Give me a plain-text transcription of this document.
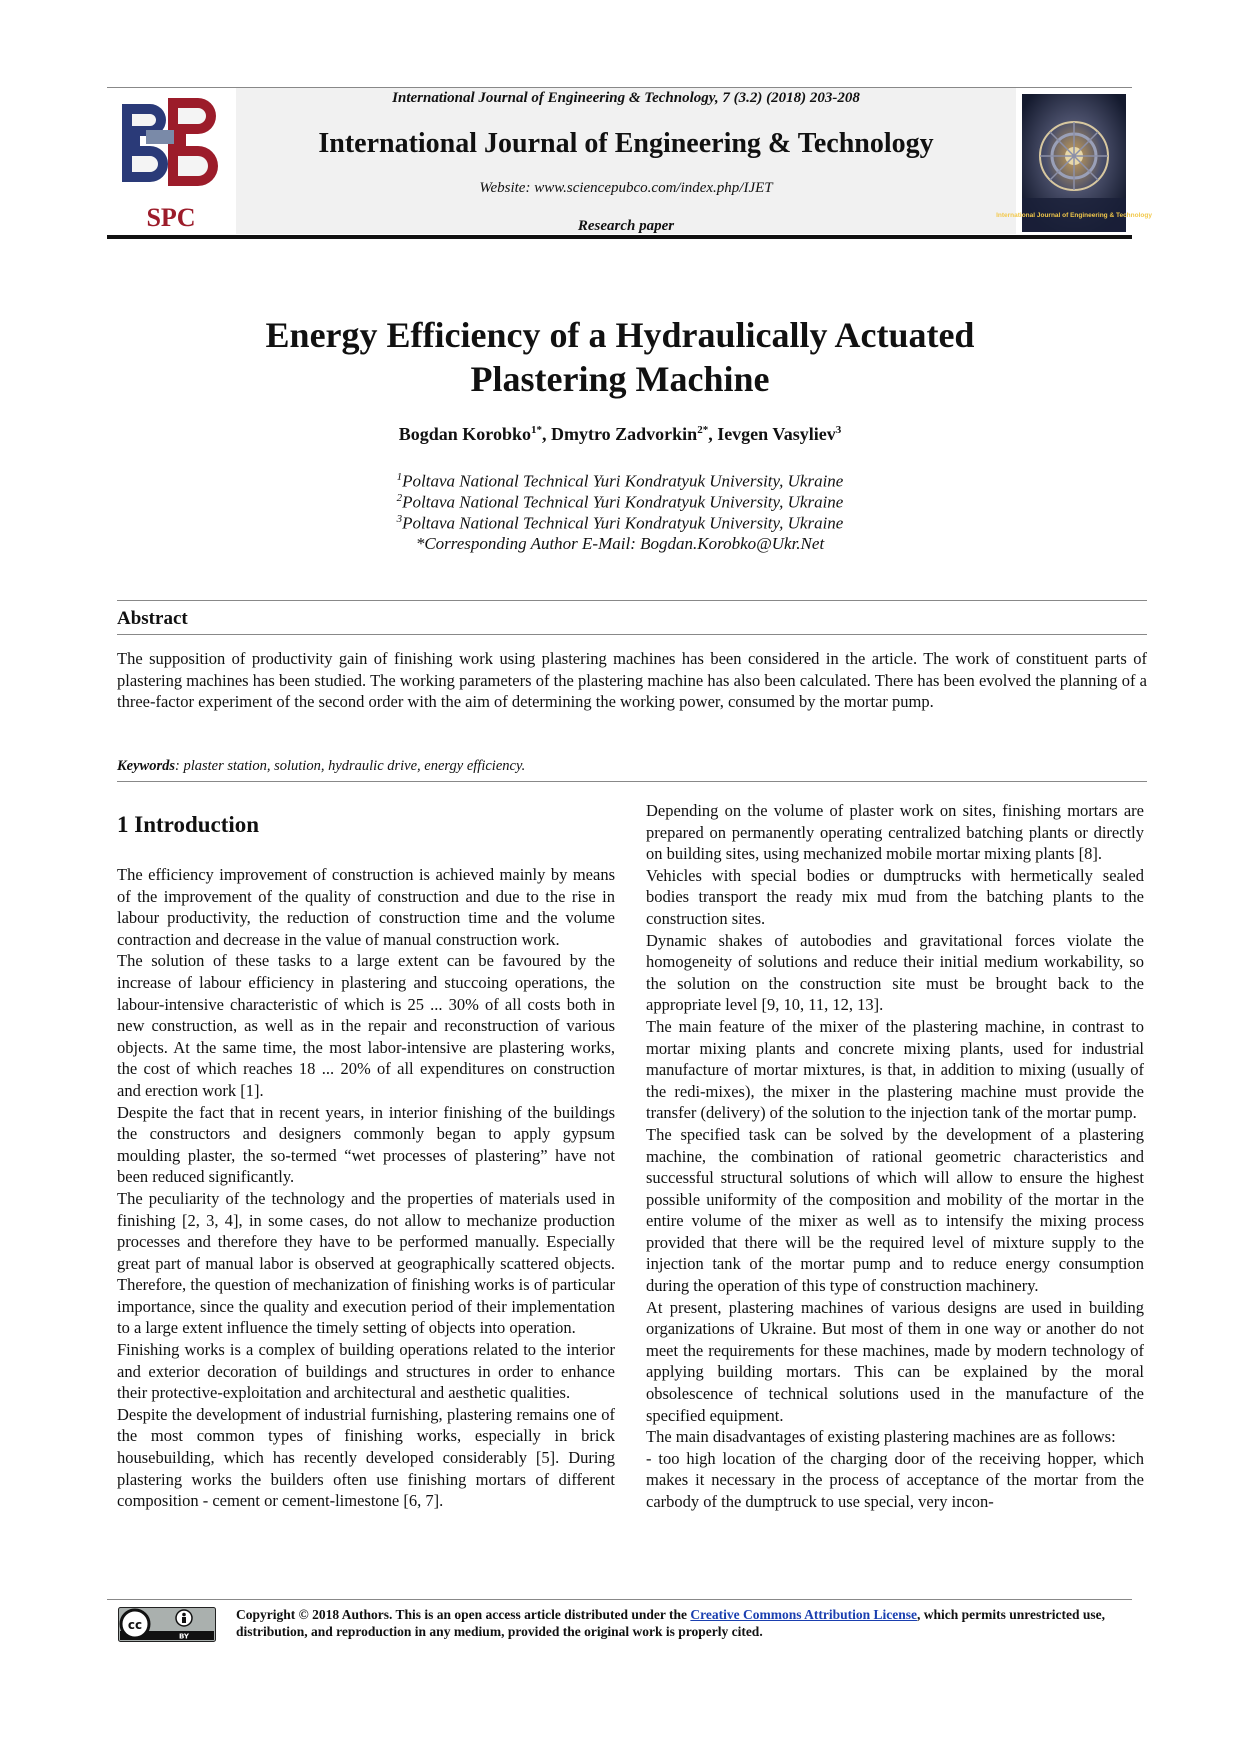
SPC
International Journal of Engineering & Technology, 7 (3.2) (2018) 203-208
International Journal of Engineering & Technology
Website: www.sciencepubco.com/index.php/IJET
Research paper
International Journal of Engineering & Technology
Energy Efficiency of a Hydraulically Actuated
Plastering Machine
Bogdan Korobko$^{1*}$, Dmytro Zadvorkin$^{2*}$, Ievgen Vasyliev$^3$
$^1$Poltava National Technical Yuri Kondratyuk University, Ukraine
$^2$Poltava National Technical Yuri Kondratyuk University, Ukraine
$^3$Poltava National Technical Yuri Kondratyuk University, Ukraine
*Corresponding Author E-Mail: Bogdan.Korobko@Ukr.Net
Abstract
The supposition of productivity gain of finishing work using plastering machines has been considered in the article. The work of constituent parts of plastering machines has been studied. The working parameters of the plastering machine has also been calculated. There has been evolved the planning of a three-factor experiment of the second order with the aim of determining the working power, consumed by the mortar pump.
Keywords: plaster station, solution, hydraulic drive, energy efficiency.
1 Introduction

The efficiency improvement of construction is achieved mainly by means of the improvement of the quality of construction and due to the rise in labour productivity, the reduction of construction time and the volume contraction and decrease in the value of manual construction work.

The solution of these tasks to a large extent can be favoured by the increase of labour efficiency in plastering and stuccoing operations, the labour-intensive characteristic of which is 25 ... 30% of all costs both in new construction, as well as in the repair and reconstruction of various objects. At the same time, the most labor-intensive are plastering works, the cost of which reaches 18 ... 20% of all expenditures on construction and erection work [1].

Despite the fact that in recent years, in interior finishing of the buildings the constructors and designers commonly began to apply gypsum moulding plaster, the so-termed “wet processes of plastering” have not been reduced significantly.

The peculiarity of the technology and the properties of materials used in finishing [2, 3, 4], in some cases, do not allow to mechanize production processes and therefore they have to be performed manually. Especially great part of manual labor is observed at geographically scattered objects. Therefore, the question of mechanization of finishing works is of particular importance, since the quality and execution period of their implementation to a large extent influence the timely setting of objects into operation.

Finishing works is a complex of building operations related to the interior and exterior decoration of buildings and structures in order to enhance their protective-exploitation and architectural and aesthetic qualities.

Despite the development of industrial furnishing, plastering remains one of the most common types of finishing works, especially in brick housebuilding, which has recently developed considerably [5]. During plastering works the builders often use finishing mortars of different composition - cement or cement-limestone [6, 7].

Depending on the volume of plaster work on sites, finishing mortars are prepared on permanently operating centralized batching plants or directly on building sites, using mechanized mobile mortar mixing plants [8].

Vehicles with special bodies or dumptrucks with hermetically sealed bodies transport the ready mix mud from the batching plants to the construction sites.

Dynamic shakes of autobodies and gravitational forces violate the homogeneity of solutions and reduce their initial medium workability, so the solution on the construction site must be brought back to the appropriate level [9, 10, 11, 12, 13].

The main feature of the mixer of the plastering machine, in contrast to mortar mixing plants and concrete mixing plants, used for industrial manufacture of mortar mixtures, is that, in addition to mixing (usually of the redi-mixes), the mixer in the plastering machine must provide the transfer (delivery) of the solution to the injection tank of the mortar pump.

The specified task can be solved by the development of a plastering machine, the combination of rational geometric characteristics and successful structural solutions of which will allow to ensure the highest possible uniformity of the composition and mobility of the mortar in the entire volume of the mixer as well as to intensify the mixing process provided that there will be the required level of mixture supply to the injection tank of the mortar pump and to reduce energy consumption during the operation of this type of construction machinery.

At present, plastering machines of various designs are used in building organizations of Ukraine. But most of them in one way or another do not meet the requirements for these machines, made by modern technology of applying building mortars. This can be explained by the moral obsolescence of technical solutions used in the manufacture of the specified equipment.

The main disadvantages of existing plastering machines are as follows:

- too high location of the charging door of the receiving hopper, which makes it necessary in the process of acceptance of the mortar from the carbody of the dumptruck to use special, very incon-

cc
BY
Copyright © 2018 Authors. This is an open access article distributed under the Creative Commons Attribution License, which permits unrestricted use, distribution, and reproduction in any medium, provided the original work is properly cited.
